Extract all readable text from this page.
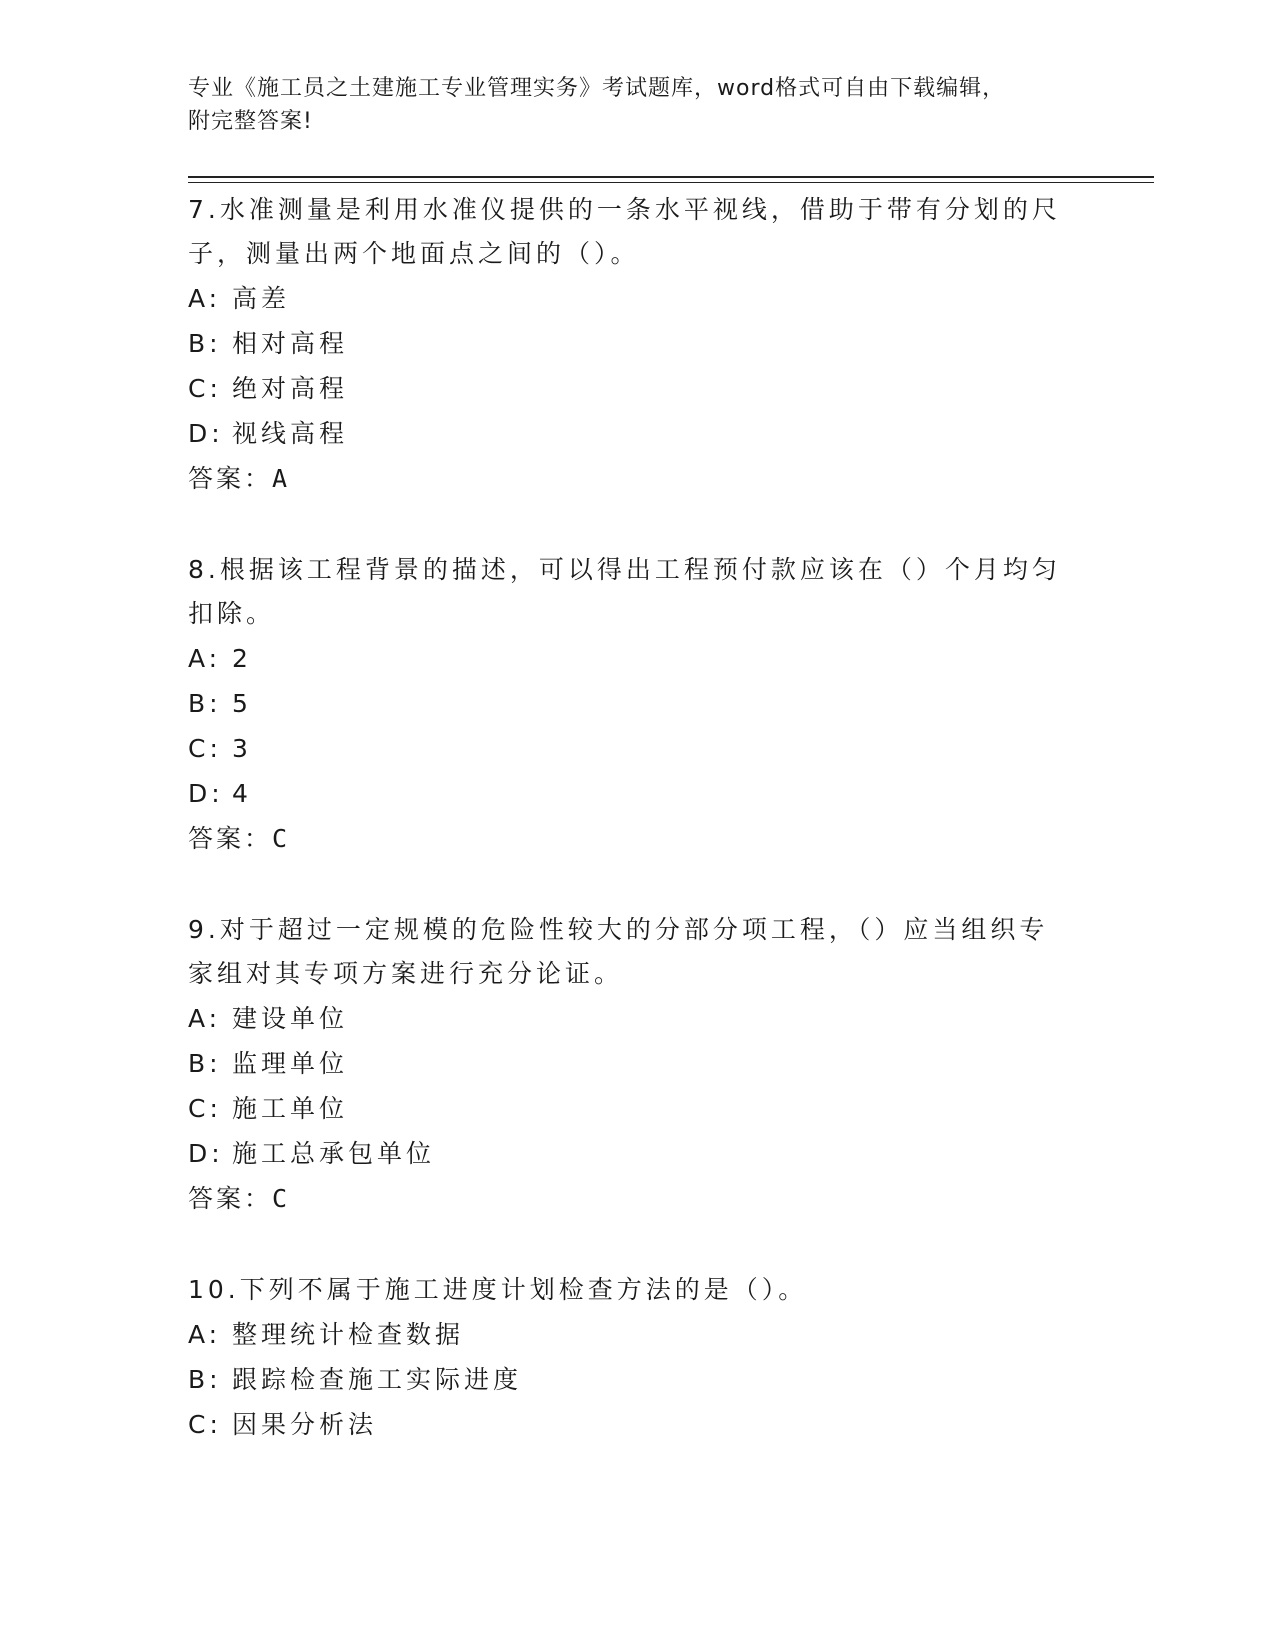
专业《施工员之土建施工专业管理实务》考试题库，word格式可自由下载编辑，
附完整答案!
7.水准测量是利用水准仪提供的一条水平视线，借助于带有分划的尺子，测量出两个地面点之间的（）。
A: 高差
B: 相对高程
C: 绝对高程
D: 视线高程
答案：A
8.根据该工程背景的描述，可以得出工程预付款应该在（）个月均匀扣除。
A: 2
B: 5
C: 3
D: 4
答案：C
9.对于超过一定规模的危险性较大的分部分项工程，（）应当组织专家组对其专项方案进行充分论证。
A: 建设单位
B: 监理单位
C: 施工单位
D: 施工总承包单位
答案：C
10.下列不属于施工进度计划检查方法的是（）。
A: 整理统计检查数据
B: 跟踪检查施工实际进度
C: 因果分析法
